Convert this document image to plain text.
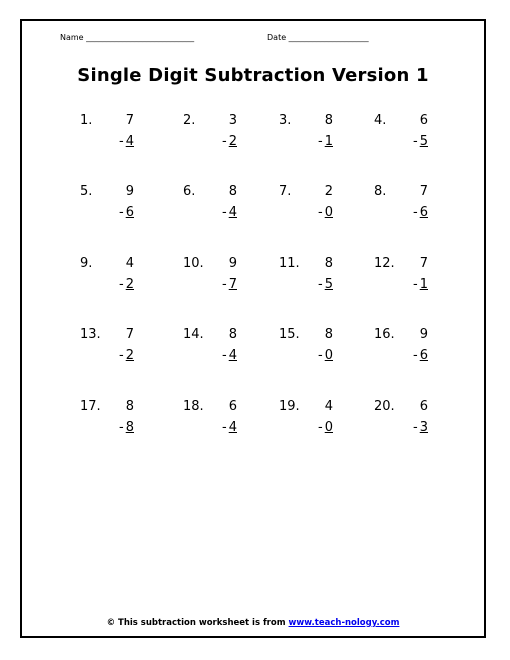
Name ___________________________	Date ____________________
Single Digit Subtraction Version 1
1.	7
- 4
2.	3
- 2
3.	8
- 1
4.	6
- 5
5.	9
- 6
6.	8
- 4
7.	2
- 0
8.	7
- 6
9.	4
- 2
10. 9
- 7
11. 8
- 5
12. 7
- 1
13. 7
- 2
14. 8
- 4
15. 8
- 0
16. 9
- 6
17. 8
- 8
18. 6
- 4
19. 4
- 0
20. 6
- 3
© This subtraction worksheet is from www.teach-nology.com
